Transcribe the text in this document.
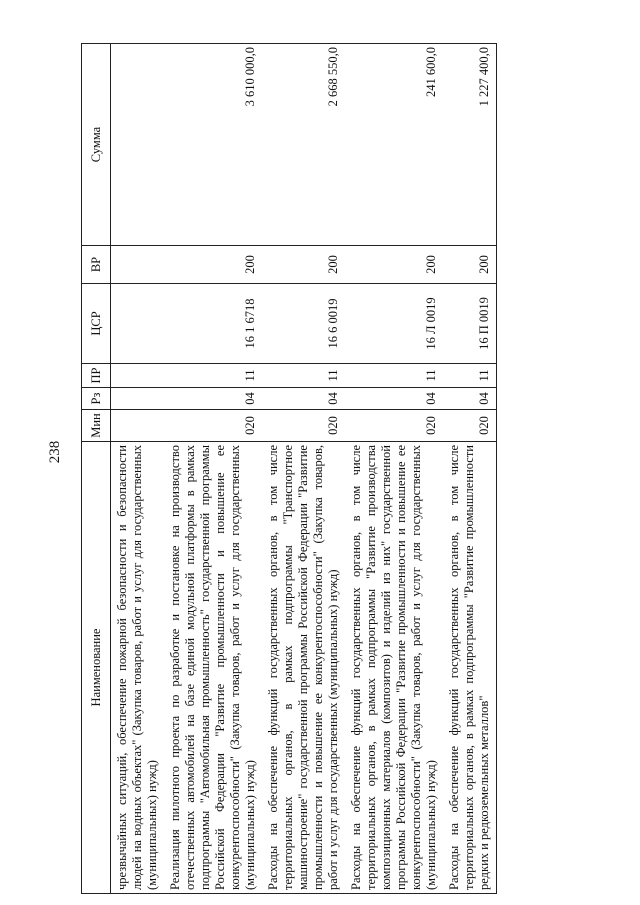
238
Наименование	Мин	Рз	ПР	ЦСР	ВР	Сумма
чрезвычайных ситуаций, обеспечение пожарной безопасности и безопасности людей на водных объектах" (Закупка товаров, работ и услуг для государственных (муниципальных) нужд)						
Реализация пилотного проекта по разработке и постановке на производство отечественных автомобилей на базе единой модульной платформы в рамках подпрограммы "Автомобильная промышленность" государственной программы Российской Федерации "Развитие промышленности и повышение ее конкурентоспособности" (Закупка товаров, работ и услуг для государственных (муниципальных) нужд)	020	04	11	16 1 6718	200	3 610 000,0
Расходы на обеспечение функций государственных органов, в том числе территориальных органов, в рамках подпрограммы "Транспортное машиностроение" государственной программы Российской Федерации "Развитие промышленности и повышение ее конкурентоспособности" (Закупка товаров, работ и услуг для государственных (муниципальных) нужд)	020	04	11	16 6 0019	200	2 668 550,0
Расходы на обеспечение функций государственных органов, в том числе территориальных органов, в рамках подпрограммы "Развитие производства композиционных материалов (композитов) и изделий из них" государственной программы Российской Федерации "Развитие промышленности и повышение ее конкурентоспособности" (Закупка товаров, работ и услуг для государственных (муниципальных) нужд)	020	04	11	16 Л 0019	200	241 600,0
Расходы на обеспечение функций государственных органов, в том числе территориальных органов, в рамках подпрограммы "Развитие промышленности редких и редкоземельных металлов"	020	04	11	16 П 0019	200	1 227 400,0
